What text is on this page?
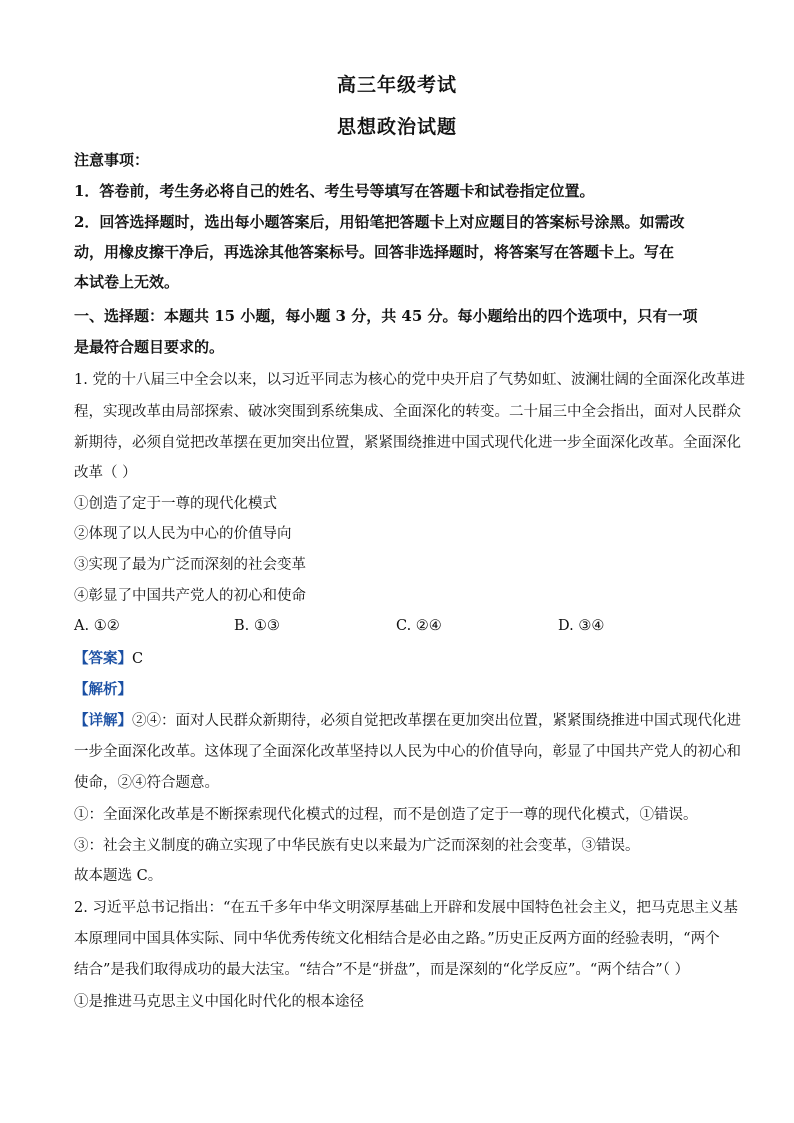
高三年级考试
思想政治试题
注意事项：
1．答卷前，考生务必将自己的姓名、考生号等填写在答题卡和试卷指定位置。
2．回答选择题时，选出每小题答案后，用铅笔把答题卡上对应题目的答案标号涂黑。如需改
动，用橡皮擦干净后，再选涂其他答案标号。回答非选择题时，将答案写在答题卡上。写在
本试卷上无效。
一、选择题：本题共 15 小题，每小题 3 分，共 45 分。每小题给出的四个选项中，只有一项
是最符合题目要求的。
1. 党的十八届三中全会以来，以习近平同志为核心的党中央开启了气势如虹、波澜壮阔的全面深化改革进
程，实现改革由局部探索、破冰突围到系统集成、全面深化的转变。二十届三中全会指出，面对人民群众
新期待，必须自觉把改革摆在更加突出位置，紧紧围绕推进中国式现代化进一步全面深化改革。全面深化
改革（ ）
①创造了定于一尊的现代化模式
②体现了以人民为中心的价值导向
③实现了最为广泛而深刻的社会变革
④彰显了中国共产党人的初心和使命
A. ①②	B. ①③	C. ②④	D. ③④
【答案】C
【解析】
【详解】②④：面对人民群众新期待，必须自觉把改革摆在更加突出位置，紧紧围绕推进中国式现代化进
一步全面深化改革。这体现了全面深化改革坚持以人民为中心的价值导向，彰显了中国共产党人的初心和
使命，②④符合题意。
①：全面深化改革是不断探索现代化模式的过程，而不是创造了定于一尊的现代化模式，①错误。
③：社会主义制度的确立实现了中华民族有史以来最为广泛而深刻的社会变革，③错误。
故本题选 C。
2. 习近平总书记指出：“在五千多年中华文明深厚基础上开辟和发展中国特色社会主义，把马克思主义基
本原理同中国具体实际、同中华优秀传统文化相结合是必由之路。”历史正反两方面的经验表明，“两个
结合”是我们取得成功的最大法宝。“结合”不是“拼盘”，而是深刻的“化学反应”。“两个结合”（ ）
①是推进马克思主义中国化时代化的根本途径
